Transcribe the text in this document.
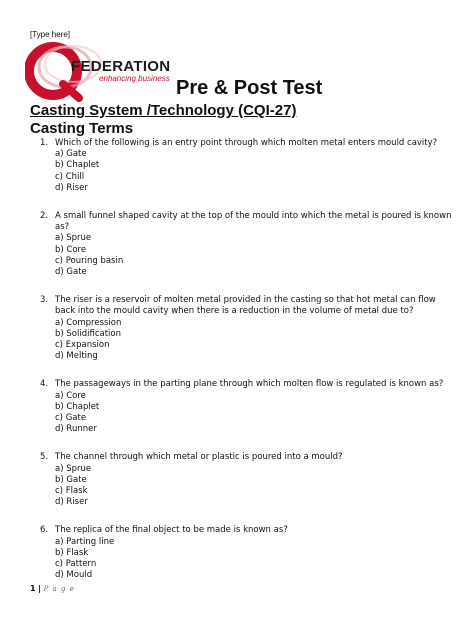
[Type here]
FEDERATION
enhancing business Pre & Post Test
Casting System /Technology (CQI-27)
Casting Terms
1. Which of the following is an entry point through which molten metal enters mould cavity?
a) Gate
b) Chaplet
c) Chill
d) Riser
2. A small funnel shaped cavity at the top of the mould into which the metal is poured is known as?
a) Sprue
b) Core
c) Pouring basin
d) Gate
3. The riser is a reservoir of molten metal provided in the casting so that hot metal can flow back into the mould cavity when there is a reduction in the volume of metal due to?
a) Compression
b) Solidification
c) Expansion
d) Melting
4. The passageways in the parting plane through which molten flow is regulated is known as?
a) Core
b) Chaplet
c) Gate
d) Runner
5. The channel through which metal or plastic is poured into a mould?
a) Sprue
b) Gate
c) Flask
d) Riser
6. The replica of the final object to be made is known as?
a) Parting line
b) Flask
c) Pattern
d) Mould
1 | P a g e
